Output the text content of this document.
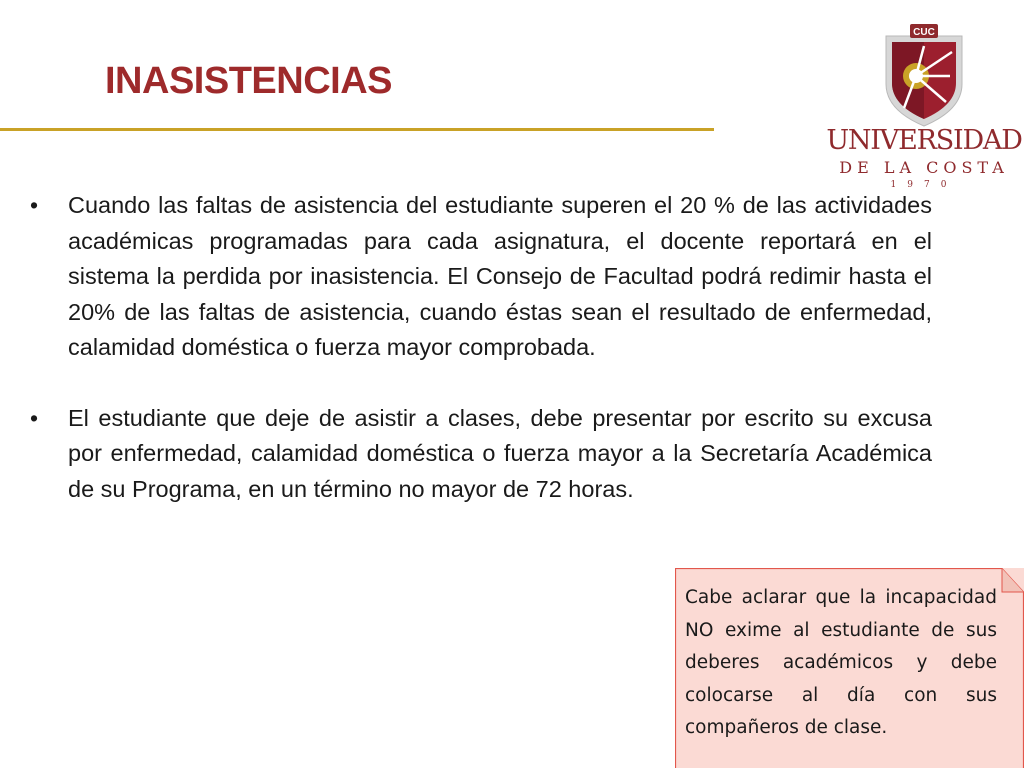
INASISTENCIAS
CUC
UNIVERSIDAD
DE LA COSTA
1970
• Cuando las faltas de asistencia del estudiante superen el 20 % de las actividades académicas programadas para cada asignatura, el docente reportará en el sistema la perdida por inasistencia. El Consejo de Facultad podrá redimir hasta el 20% de las faltas de asistencia, cuando éstas sean el resultado de enfermedad, calamidad doméstica o fuerza mayor comprobada.
• El estudiante que deje de asistir a clases, debe presentar por escrito su excusa por enfermedad, calamidad doméstica o fuerza mayor a la Secretaría Académica de su Programa, en un término no mayor de 72 horas.
Cabe aclarar que la incapacidad NO exime al estudiante de sus deberes académicos y debe colocarse al día con sus compañeros de clase.
